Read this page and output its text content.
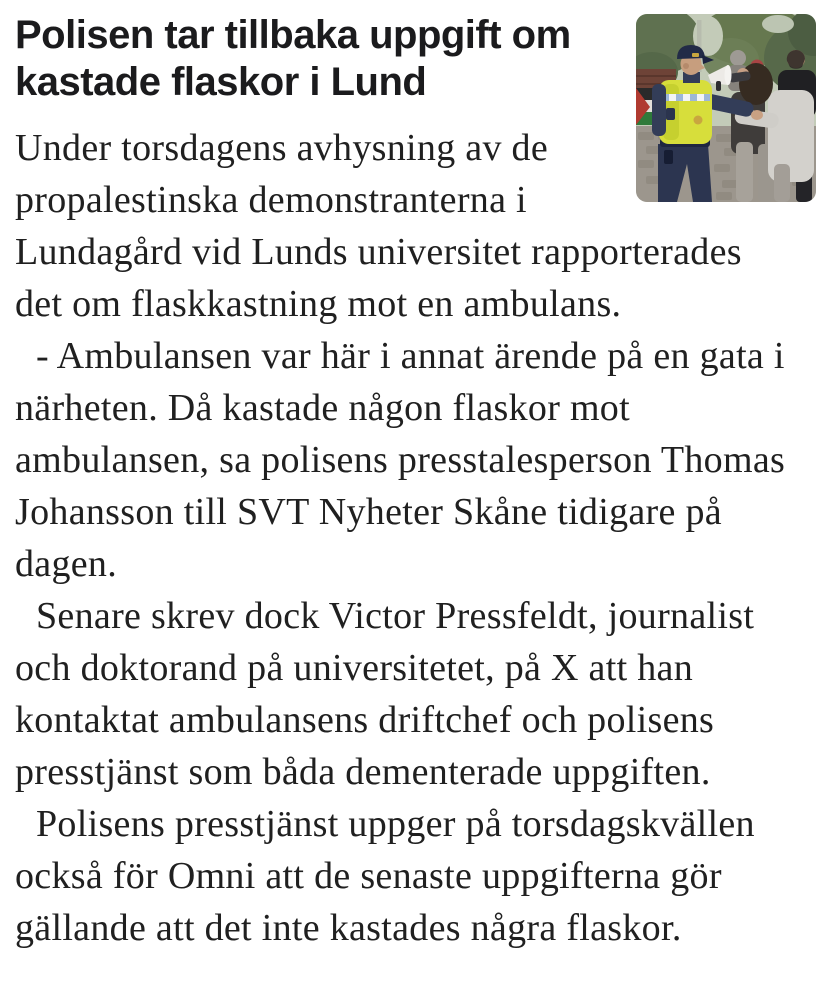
Polisen tar tillbaka uppgift om kastade flaskor i Lund

Under torsdagens avhysning av de propalestinska demonstranterna i Lundagård vid Lunds universitet rapporterades det om flaskkastning mot en ambulans.

- Ambulansen var här i annat ärende på en gata i närheten. Då kastade någon flaskor mot ambulansen, sa polisens presstalesperson Thomas Johansson till SVT Nyheter Skåne tidigare på dagen.

Senare skrev dock Victor Pressfeldt, journalist och doktorand på universitetet, på X att han kontaktat ambulansens driftchef och polisens presstjänst som båda dementerade uppgiften.

Polisens presstjänst uppger på torsdagskvällen också för Omni att de senaste uppgifterna gör gällande att det inte kastades några flaskor.
